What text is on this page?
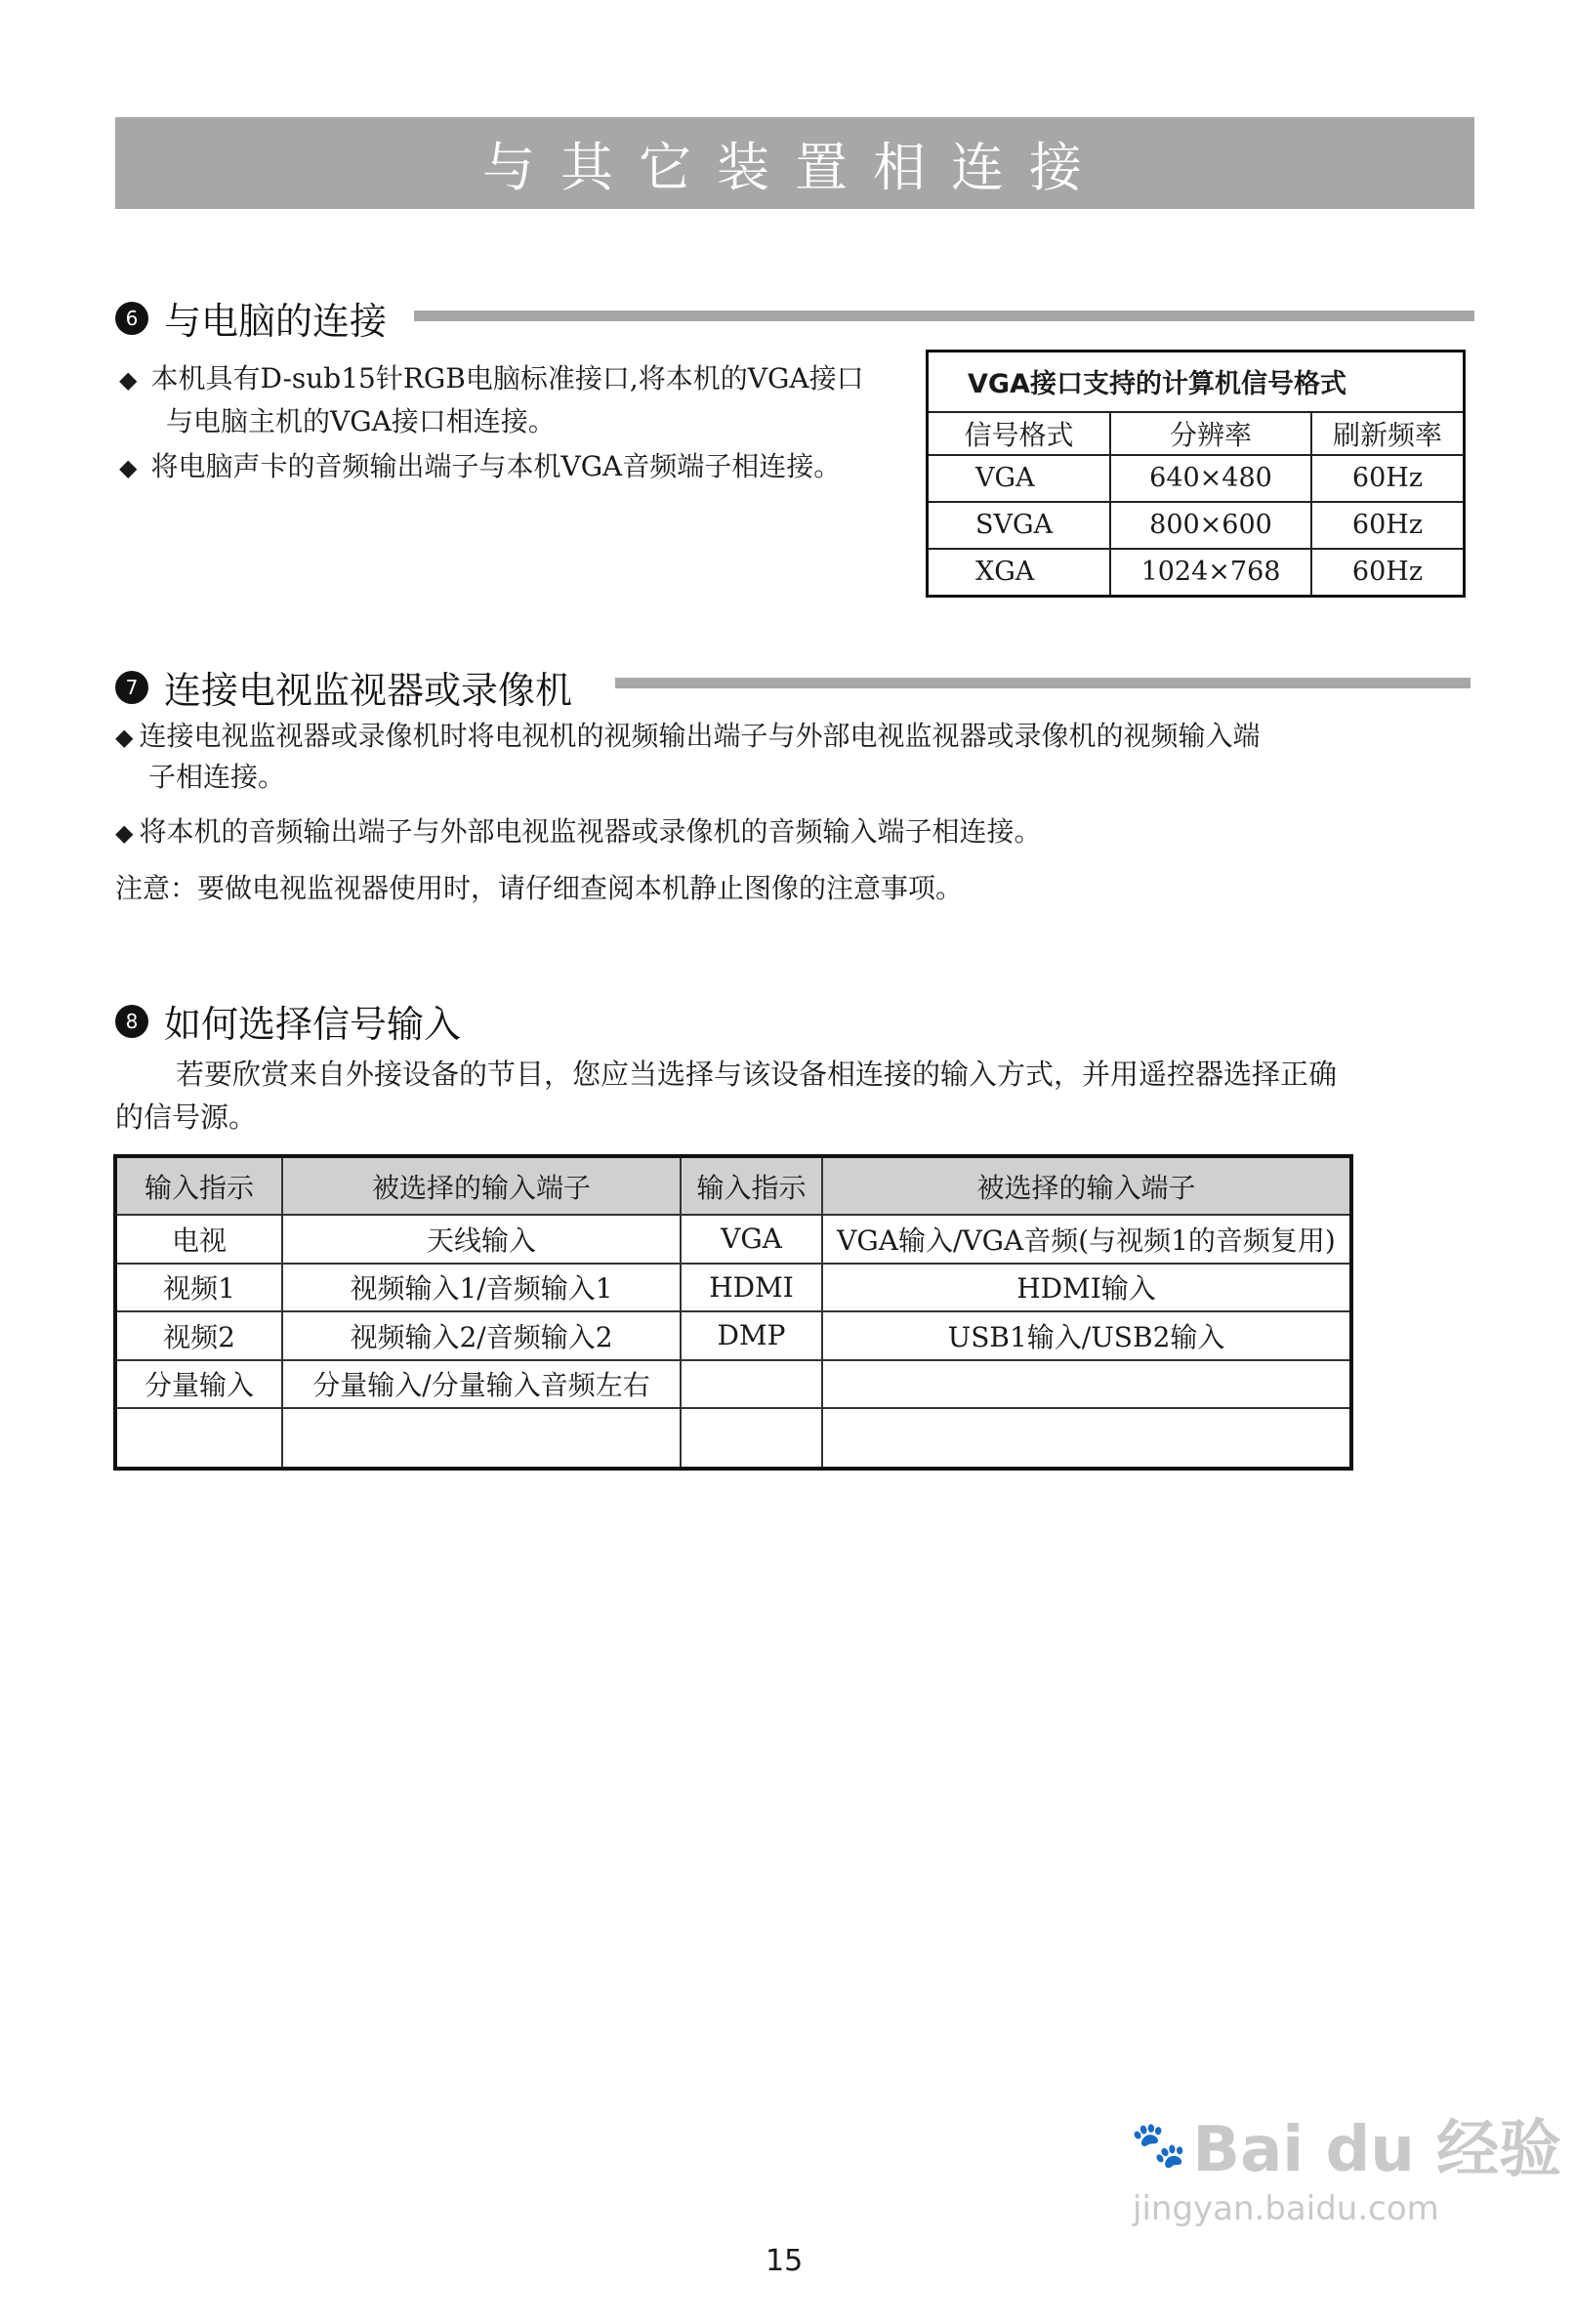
与其它装置相连接
6 与电脑的连接
◆ 本机具有D-sub15针RGB电脑标准接口,将本机的VGA接口
与电脑主机的VGA接口相连接。
◆ 将电脑声卡的音频输出端子与本机VGA音频端子相连接。
VGA接口支持的计算机信号格式		
信号格式	分辨率	刷新频率
VGA	640×480	60Hz
SVGA	800×600	60Hz
XGA	1024×768	60Hz
7 连接电视监视器或录像机
◆ 连接电视监视器或录像机时将电视机的视频输出端子与外部电视监视器或录像机的视频输入端
子相连接。
◆ 将本机的音频输出端子与外部电视监视器或录像机的音频输入端子相连接。
注意：要做电视监视器使用时，请仔细查阅本机静止图像的注意事项。
8 如何选择信号输入
若要欣赏来自外接设备的节目，您应当选择与该设备相连接的输入方式，并用遥控器选择正确
的信号源。
输入指示	被选择的输入端子	输入指示	被选择的输入端子
电视	天线输入	VGA	VGA输入/VGA音频(与视频1的音频复用)
视频1	视频输入1/音频输入1	HDMI	HDMI输入
视频2	视频输入2/音频输入2	DMP	USB1输入/USB2输入
分量输入	分量输入/分量输入音频左右		

🐾 Bai du 经验
jingyan.baidu.com
15
